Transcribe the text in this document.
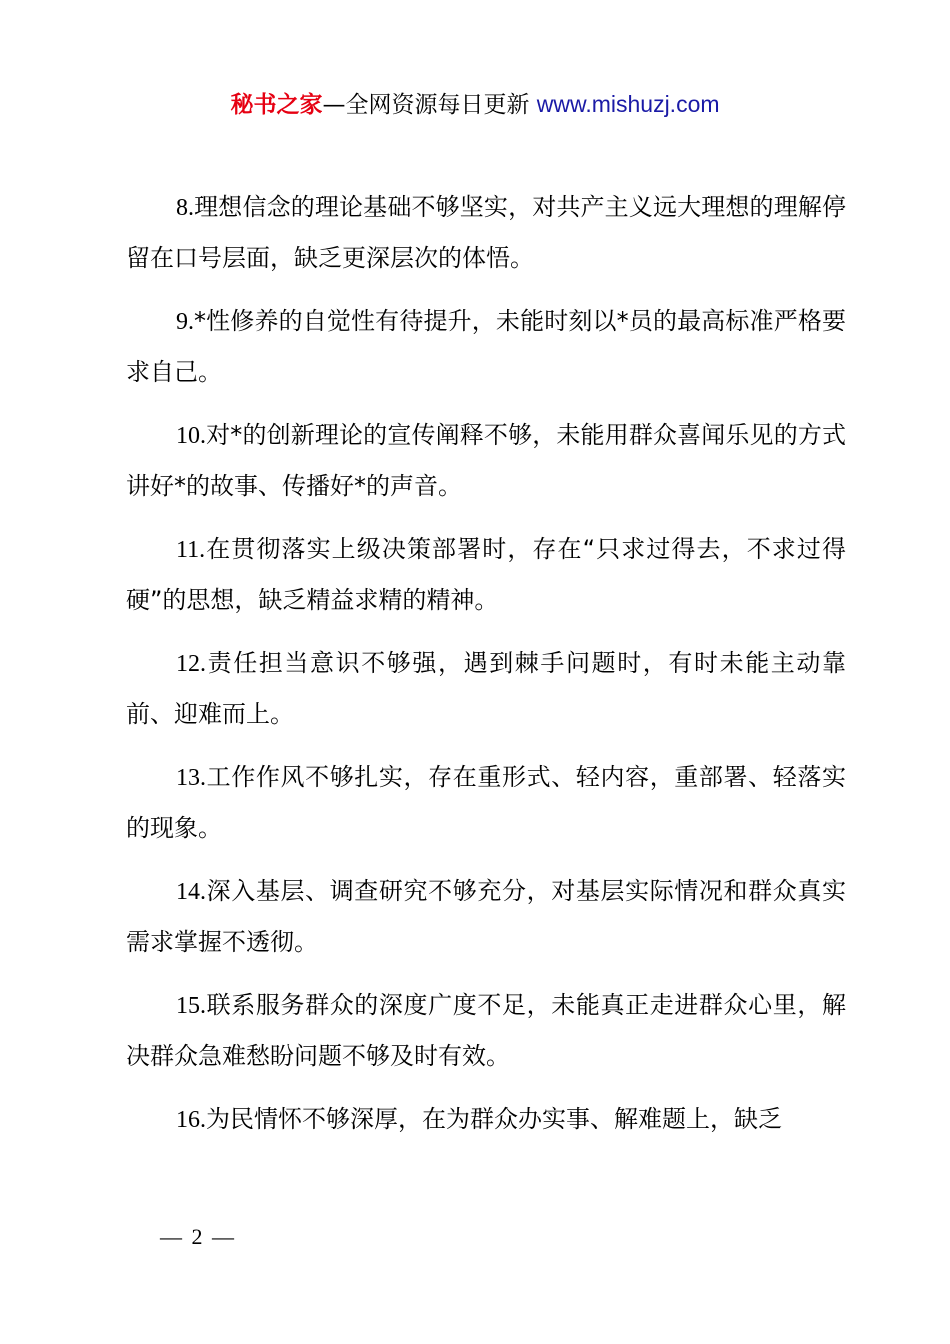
秘书之家—全网资源每日更新 www.mishuzj.com

8.理想信念的理论基础不够坚实，对共产主义远大理想的理解停留在口号层面，缺乏更深层次的体悟。

9.*性修养的自觉性有待提升，未能时刻以*员的最高标准严格要求自己。

10.对*的创新理论的宣传阐释不够，未能用群众喜闻乐见的方式讲好*的故事、传播好*的声音。

11.在贯彻落实上级决策部署时，存在“只求过得去，不求过得硬”的思想，缺乏精益求精的精神。

12.责任担当意识不够强，遇到棘手问题时，有时未能主动靠前、迎难而上。

13.工作作风不够扎实，存在重形式、轻内容，重部署、轻落实的现象。

14.深入基层、调查研究不够充分，对基层实际情况和群众真实需求掌握不透彻。

15.联系服务群众的深度广度不足，未能真正走进群众心里，解决群众急难愁盼问题不够及时有效。

16.为民情怀不够深厚，在为群众办实事、解难题上，缺乏

— 2 —
